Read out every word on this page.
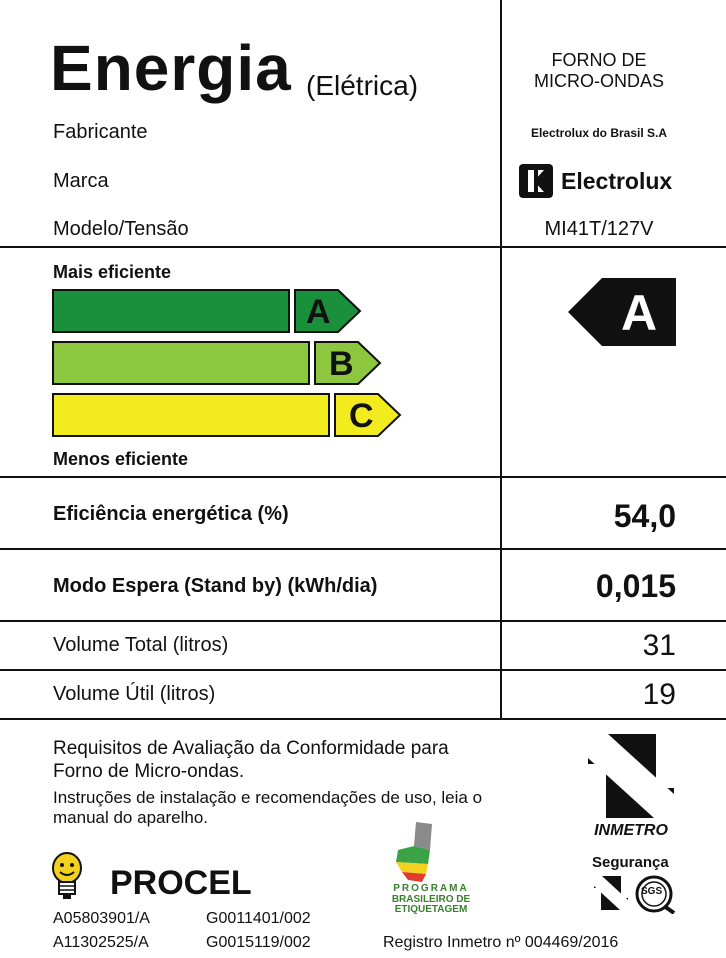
Energia (Elétrica)
FORNO DE
MICRO-ONDAS
Fabricante	Electrolux do Brasil S.A
Marca	Electrolux
Modelo/Tensão	MI41T/127V
Mais eficiente
A
B
C
Menos eficiente
A
Eficiência energética (%)	54,0
Modo Espera (Stand by) (kWh/dia)	0,015
Volume Total (litros)	31
Volume Útil (litros)	19
Requisitos de Avaliação da Conformidade para
Forno de Micro-ondas.
Instruções de instalação e recomendações de uso, leia o
manual do aparelho.
INMETRO
Segurança
SGS
PROCEL	PROGRAMA
BRASILEIRO DE
ETIQUETAGEM
A05803901/A
A11302525/A
G0011401/002
G0015119/002	Registro Inmetro nº 004469/2016
